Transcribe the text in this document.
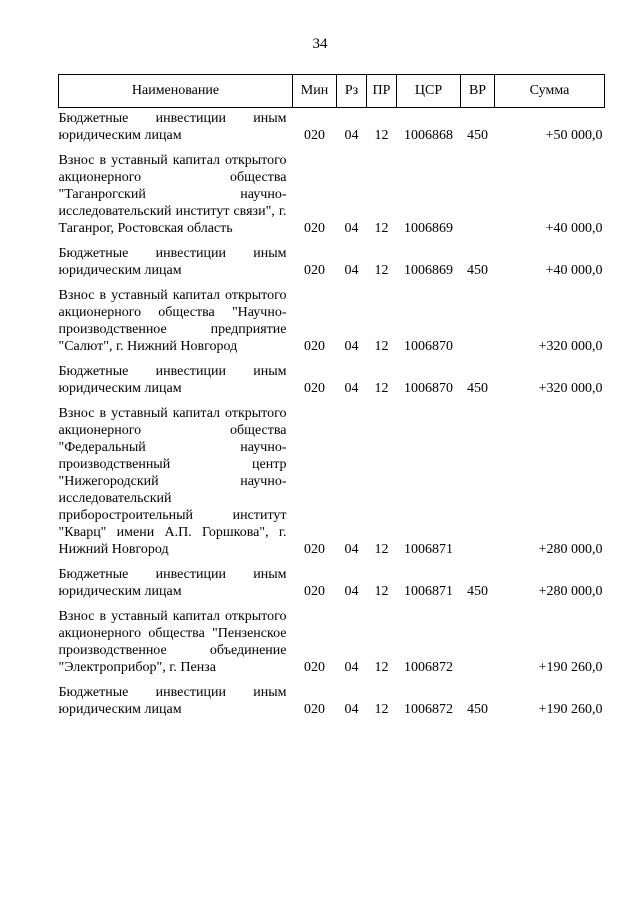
34
Наименование	Мин	Рз	ПР	ЦСР	ВР	Сумма
Бюджетные инвестиции иным юридическим лицам	020	04	12	1006868	450	+50 000,0
Взнос в уставный капитал открытого акционерного общества "Таганрогский научно-исследовательский институт связи", г. Таганрог, Ростовская область	020	04	12	1006869		+40 000,0
Бюджетные инвестиции иным юридическим лицам	020	04	12	1006869	450	+40 000,0
Взнос в уставный капитал открытого акционерного общества "Научно-производственное предприятие "Салют", г. Нижний Новгород	020	04	12	1006870		+320 000,0
Бюджетные инвестиции иным юридическим лицам	020	04	12	1006870	450	+320 000,0
Взнос в уставный капитал открытого акционерного общества "Федеральный научно-производственный центр "Нижегородский научно-исследовательский приборостроительный институт "Кварц" имени А.П. Горшкова", г. Нижний Новгород	020	04	12	1006871		+280 000,0
Бюджетные инвестиции иным юридическим лицам	020	04	12	1006871	450	+280 000,0
Взнос в уставный капитал открытого акционерного общества "Пензенское производственное объединение "Электроприбор", г. Пенза	020	04	12	1006872		+190 260,0
Бюджетные инвестиции иным юридическим лицам	020	04	12	1006872	450	+190 260,0
